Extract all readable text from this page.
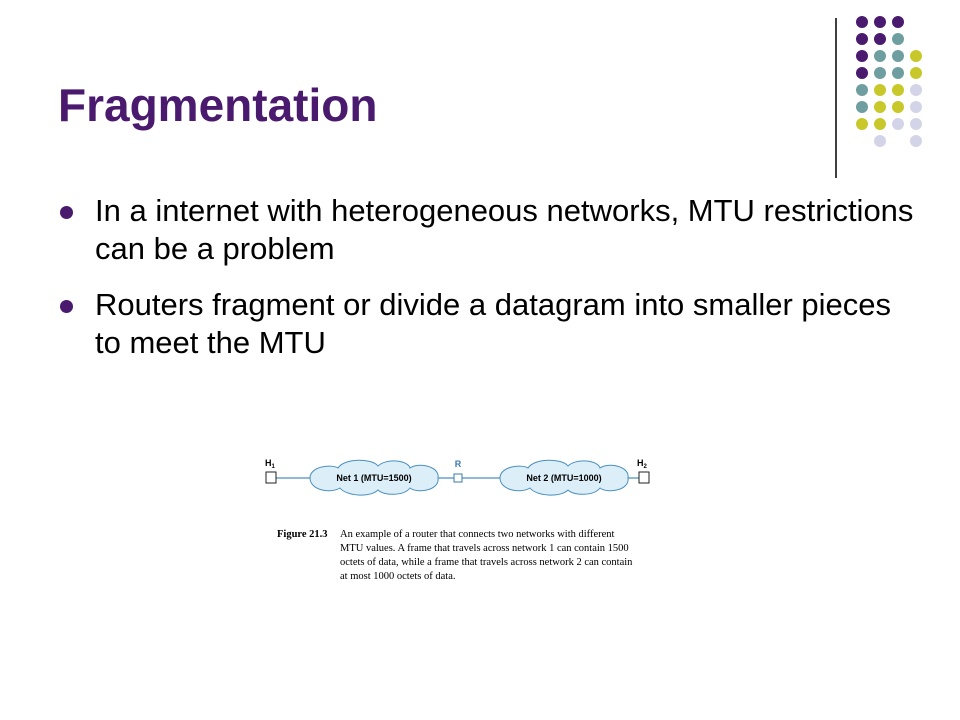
Fragmentation
In a internet with heterogeneous networks, MTU restrictions can be a problem
Routers fragment or divide a datagram into smaller pieces to meet the MTU
$H_1$
Net 1 (MTU=1500)
R
Net 2 (MTU=1000)
$H_2$
Figure 21.3 An example of a router that connects two networks with different MTU values. A frame that travels across network 1 can contain 1500 octets of data, while a frame that travels across network 2 can contain at most 1000 octets of data.
